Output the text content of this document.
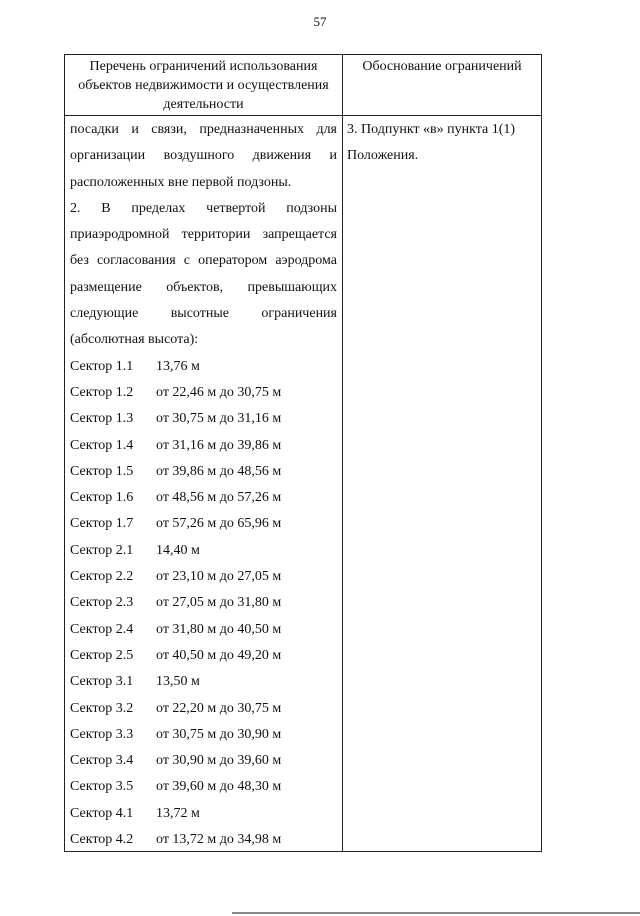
57
Перечень ограничений использования
объектов недвижимости и осуществления
деятельности
Обоснование ограничений
посадки и связи, предназначенных для
организации воздушного движения и
расположенных вне первой подзоны.
2. В пределах четвертой подзоны
приаэродромной территории запрещается
без согласования с оператором аэродрома
размещение объектов, превышающих
следующие высотные ограничения
(абсолютная высота):
Сектор 1.1 13,76 м
Сектор 1.2 от 22,46 м до 30,75 м
Сектор 1.3 от 30,75 м до 31,16 м
Сектор 1.4 от 31,16 м до 39,86 м
Сектор 1.5 от 39,86 м до 48,56 м
Сектор 1.6 от 48,56 м до 57,26 м
Сектор 1.7 от 57,26 м до 65,96 м
Сектор 2.1 14,40 м
Сектор 2.2 от 23,10 м до 27,05 м
Сектор 2.3 от 27,05 м до 31,80 м
Сектор 2.4 от 31,80 м до 40,50 м
Сектор 2.5 от 40,50 м до 49,20 м
Сектор 3.1 13,50 м
Сектор 3.2 от 22,20 м до 30,75 м
Сектор 3.3 от 30,75 м до 30,90 м
Сектор 3.4 от 30,90 м до 39,60 м
Сектор 3.5 от 39,60 м до 48,30 м
Сектор 4.1 13,72 м
Сектор 4.2 от 13,72 м до 34,98 м
3. Подпункт «в» пункта 1(1)
Положения.
